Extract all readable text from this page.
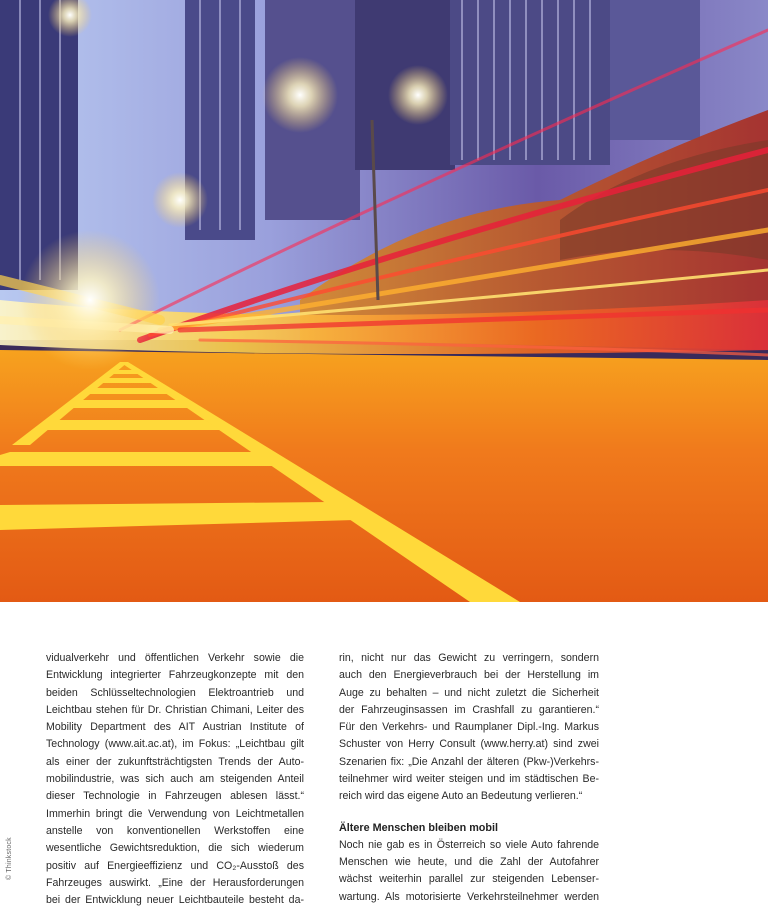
© Thinkstock

vidualverkehr und öffentlichen Verkehr sowie die
Entwicklung integrierter Fahrzeugkonzepte mit den
beiden Schlüsseltechnologien Elektroantrieb und
Leichtbau stehen für Dr. Christian Chimani, Leiter des
Mobility Department des AIT Austrian Institute of
Technology (www.ait.ac.at), im Fokus: „Leichtbau gilt
als einer der zukunftsträchtigsten Trends der Auto-
mobilindustrie, was sich auch am steigenden Anteil
dieser Technologie in Fahrzeugen ablesen lässt.“
Immerhin bringt die Verwendung von Leichtmetallen
anstelle von konventionellen Werkstoffen eine
wesentliche Gewichtsreduktion, die sich wiederum
positiv auf Energieeffizienz und CO₂-Ausstoß des
Fahrzeuges auswirkt. „Eine der Herausforderungen
bei der Entwicklung neuer Leichtbauteile besteht da-

rin, nicht nur das Gewicht zu verringern, sondern
auch den Energieverbrauch bei der Herstellung im
Auge zu behalten – und nicht zuletzt die Sicherheit
der Fahrzeuginsassen im Crashfall zu garantieren.“
Für den Verkehrs- und Raumplaner Dipl.-Ing. Markus
Schuster von Herry Consult (www.herry.at) sind zwei
Szenarien fix: „Die Anzahl der älteren (Pkw-)Verkehrs-
teilnehmer wird weiter steigen und im städtischen Be-
reich wird das eigene Auto an Bedeutung verlieren.“

Ältere Menschen bleiben mobil

Noch nie gab es in Österreich so viele Auto fahrende
Menschen wie heute, und die Zahl der Autofahrer
wächst weiterhin parallel zur steigenden Lebenser-
wartung. Als motorisierte Verkehrsteilnehmer werden
